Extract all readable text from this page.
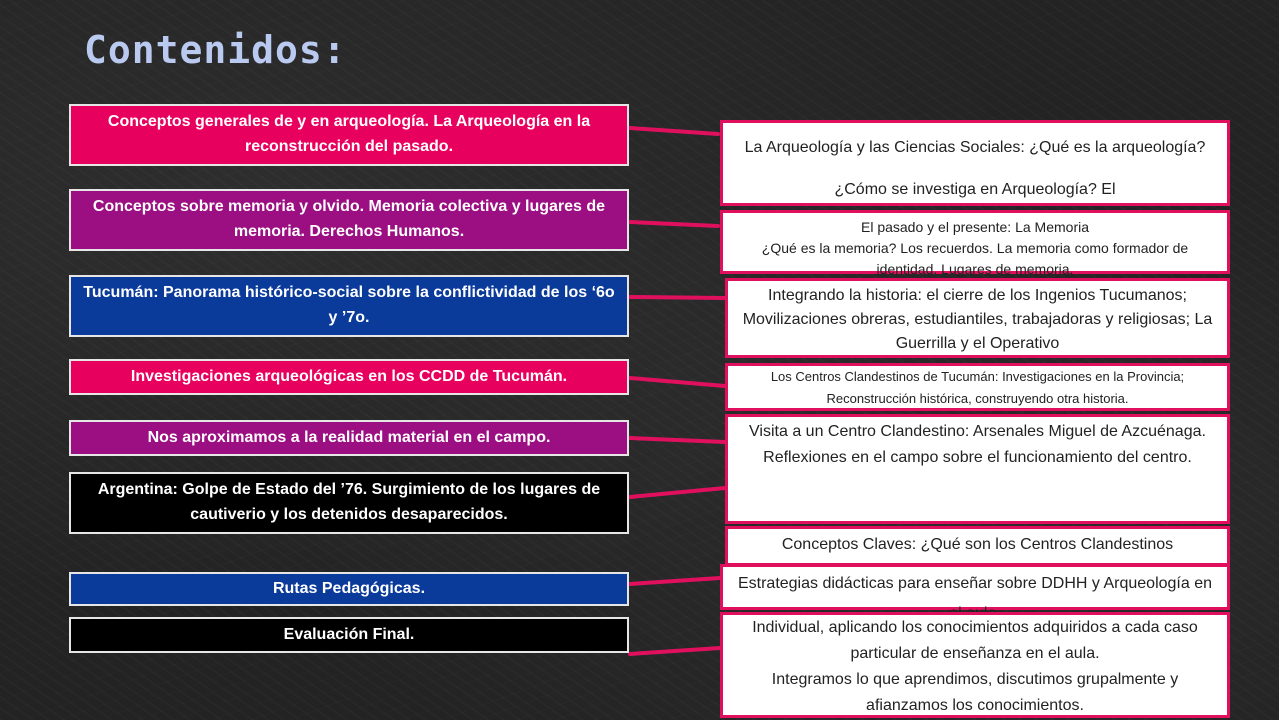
Contenidos:
Conceptos generales de y en arqueología. La Arqueología en la reconstrucción del pasado.
Conceptos sobre memoria y olvido. Memoria colectiva y lugares de memoria. Derechos Humanos.
Tucumán: Panorama histórico-social sobre la conflictividad de los ‘6o y ’7o.
Investigaciones arqueológicas en los CCDD de Tucumán.
Nos aproximamos a la realidad material en el campo.
Argentina: Golpe de Estado del ’76. Surgimiento de los lugares de cautiverio y los detenidos desaparecidos.
Rutas Pedagógicas.
Evaluación Final.
La Arqueología y las Ciencias Sociales: ¿Qué es la arqueología? ¿Cómo se investiga en Arqueología? El
El pasado y el presente: La Memoria
¿Qué es la memoria? Los recuerdos. La memoria como formador de identidad. Lugares de memoria.
Integrando la historia: el cierre de los Ingenios Tucumanos; Movilizaciones obreras, estudiantiles, trabajadoras y religiosas; La Guerrilla y el Operativo
Los Centros Clandestinos de Tucumán: Investigaciones en la Provincia; Reconstrucción histórica, construyendo otra historia.
Visita a un Centro Clandestino: Arsenales Miguel de Azcuénaga.
Reflexiones en el campo sobre el funcionamiento del centro.
Conceptos Claves: ¿Qué son los Centros Clandestinos
Estrategias didácticas para enseñar sobre DDHH y Arqueología en
Individual, aplicando los conocimientos adquiridos a cada caso particular de enseñanza en el aula.
Integramos lo que aprendimos, discutimos grupalmente y afianzamos los conocimientos.
